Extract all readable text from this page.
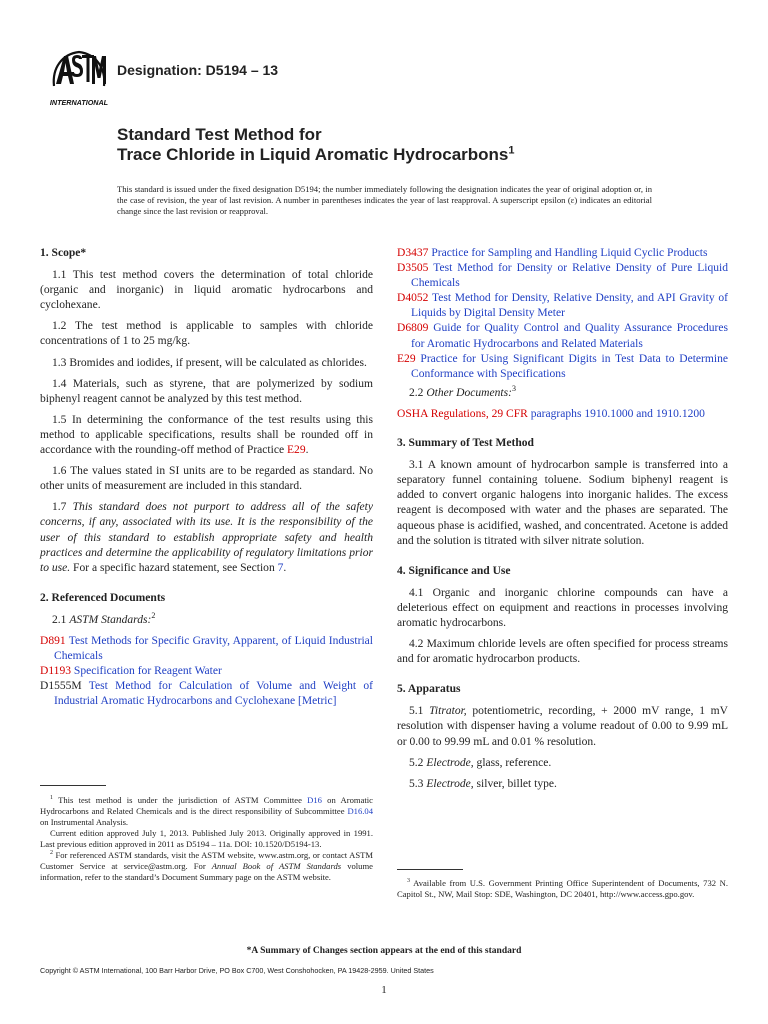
INTERNATIONAL
Designation: D5194 – 13
Standard Test Method for
Trace Chloride in Liquid Aromatic Hydrocarbons$^1$
This standard is issued under the fixed designation D5194; the number immediately following the designation indicates the year of original adoption or, in the case of revision, the year of last revision. A number in parentheses indicates the year of last reapproval. A superscript epsilon (ε) indicates an editorial change since the last revision or reapproval.
1. Scope*

1.1 This test method covers the determination of total chloride (organic and inorganic) in liquid aromatic hydrocarbons and cyclohexane.

1.2 The test method is applicable to samples with chloride concentrations of 1 to 25 mg/kg.

1.3 Bromides and iodides, if present, will be calculated as chlorides.

1.4 Materials, such as styrene, that are polymerized by sodium biphenyl reagent cannot be analyzed by this test method.

1.5 In determining the conformance of the test results using this method to applicable specifications, results shall be rounded off in accordance with the rounding-off method of Practice E29.

1.6 The values stated in SI units are to be regarded as standard. No other units of measurement are included in this standard.

1.7 This standard does not purport to address all of the safety concerns, if any, associated with its use. It is the responsibility of the user of this standard to establish appropriate safety and health practices and determine the applicability of regulatory limitations prior to use. For a specific hazard statement, see Section 7.

2. Referenced Documents

2.1 ASTM Standards:$^2$

D891 Test Methods for Specific Gravity, Apparent, of Liquid Industrial Chemicals
D1193 Specification for Reagent Water
D1555M Test Method for Calculation of Volume and Weight of Industrial Aromatic Hydrocarbons and Cyclohexane [Metric]
D3437 Practice for Sampling and Handling Liquid Cyclic Products
D3505 Test Method for Density or Relative Density of Pure Liquid Chemicals
D4052 Test Method for Density, Relative Density, and API Gravity of Liquids by Digital Density Meter
D6809 Guide for Quality Control and Quality Assurance Procedures for Aromatic Hydrocarbons and Related Materials
E29 Practice for Using Significant Digits in Test Data to Determine Conformance with Specifications

2.2 Other Documents:$^3$

OSHA Regulations, 29 CFR paragraphs 1910.1000 and 1910.1200
3. Summary of Test Method

3.1 A known amount of hydrocarbon sample is transferred into a separatory funnel containing toluene. Sodium biphenyl reagent is added to convert organic halogens into inorganic halides. The excess reagent is decomposed with water and the phases are separated. The aqueous phase is acidified, washed, and concentrated. Acetone is added and the solution is titrated with silver nitrate solution.

4. Significance and Use

4.1 Organic and inorganic chlorine compounds can have a deleterious effect on equipment and reactions in processes involving aromatic hydrocarbons.

4.2 Maximum chloride levels are often specified for process streams and for aromatic hydrocarbon products.

5. Apparatus

5.1 Titrator, potentiometric, recording, + 2000 mV range, 1 mV resolution with dispenser having a volume readout of 0.00 to 9.99 mL or 0.00 to 99.99 mL and 0.01 % resolution.

5.2 Electrode, glass, reference.

5.3 Electrode, silver, billet type.

$^1$ This test method is under the jurisdiction of ASTM Committee D16 on Aromatic Hydrocarbons and Related Chemicals and is the direct responsibility of Subcommittee D16.04 on Instrumental Analysis.

Current edition approved July 1, 2013. Published July 2013. Originally approved in 1991. Last previous edition approved in 2011 as D5194 – 11a. DOI: 10.1520/D5194-13.

$^2$ For referenced ASTM standards, visit the ASTM website, www.astm.org, or contact ASTM Customer Service at service@astm.org. For Annual Book of ASTM Standards volume information, refer to the standard’s Document Summary page on the ASTM website.	$^3$ Available from U.S. Government Printing Office Superintendent of Documents, 732 N. Capitol St., NW, Mail Stop: SDE, Washington, DC 20401, http://www.access.gpo.gov.

*A Summary of Changes section appears at the end of this standard
Copyright © ASTM International, 100 Barr Harbor Drive, PO Box C700, West Conshohocken, PA 19428-2959. United States
1
